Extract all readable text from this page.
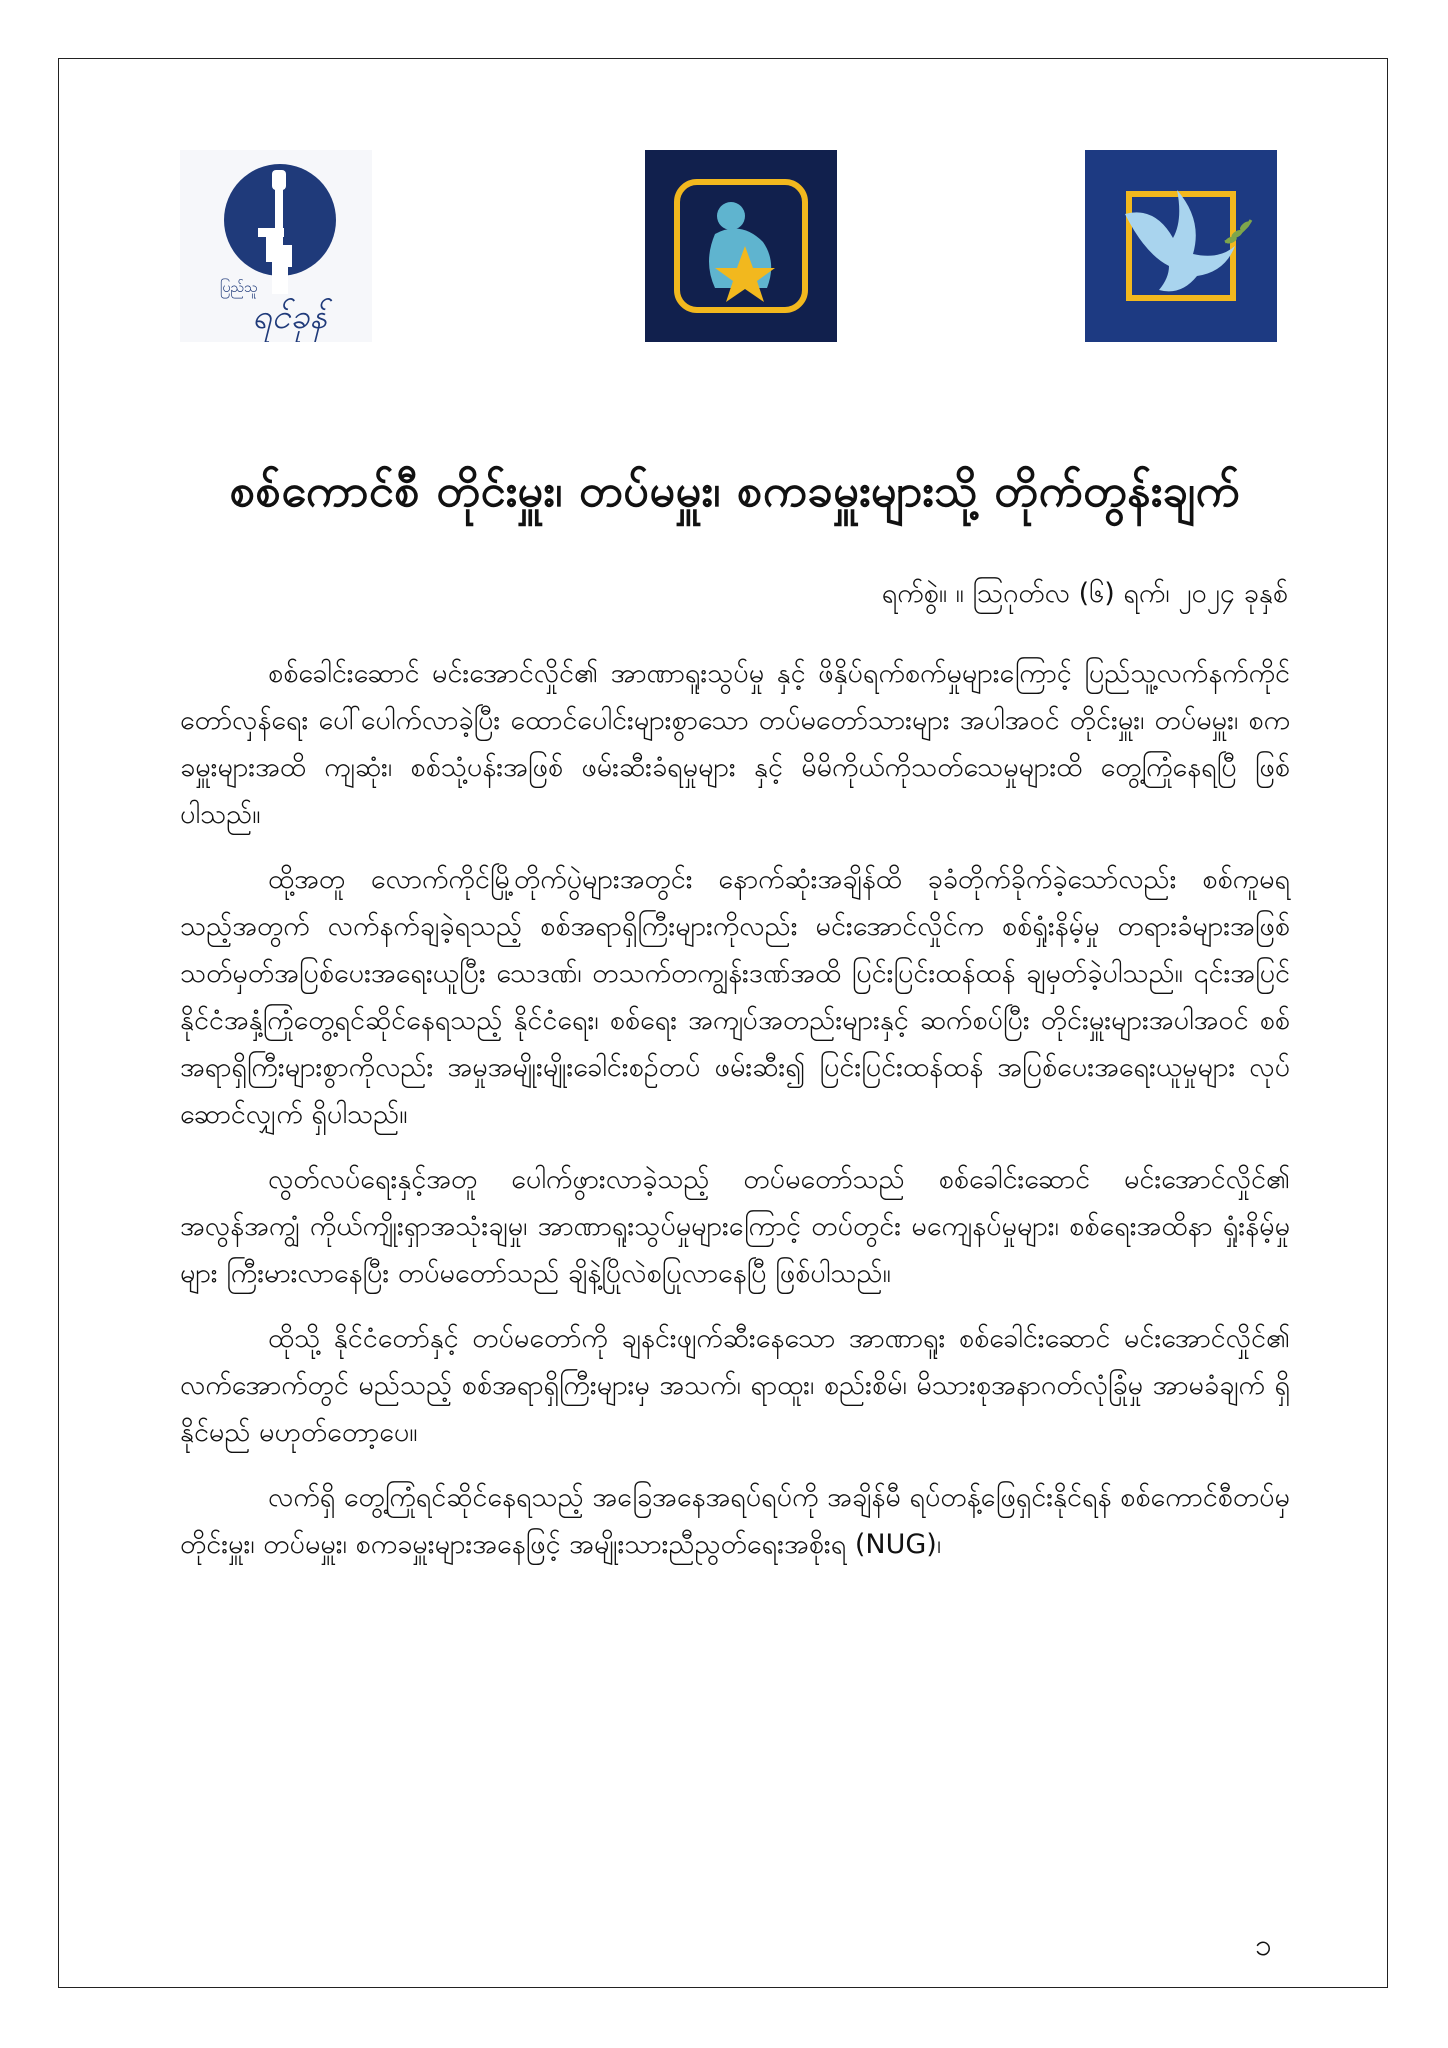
ပြည်သူ
ရင်ခုန်
စစ်ကောင်စီ တိုင်းမှူး၊ တပ်မမှူး၊ စကခမှူးများသို့ တိုက်တွန်းချက်
ရက်စွဲ။ ။ ဩဂုတ်လ (၆) ရက်၊ ၂၀၂၄ ခုနှစ်

စစ်ခေါင်းဆောင် မင်းအောင်လှိုင်၏ အာဏာရူးသွပ်မှု နှင့် ဖိနှိပ်ရက်စက်မှုများကြောင့် ပြည်သူ့လက်နက်ကိုင်တော်လှန်ရေး ပေါ်ပေါက်လာခဲ့ပြီး ထောင်ပေါင်းများစွာသော တပ်မတော်သားများ အပါအဝင် တိုင်းမှူး၊ တပ်မမှူး၊ စကခမှူးများအထိ ကျဆုံး၊ စစ်သုံ့ပန်းအဖြစ် ဖမ်းဆီးခံရမှုများ နှင့် မိမိကိုယ်ကိုသတ်သေမှုများထိ တွေ့ကြုံနေရပြီ ဖြစ်ပါသည်။

ထို့အတူ လောက်ကိုင်မြို့တိုက်ပွဲများအတွင်း နောက်ဆုံးအချိန်ထိ ခုခံတိုက်ခိုက်ခဲ့သော်လည်း စစ်ကူမရသည့်အတွက် လက်နက်ချခဲ့ရသည့် စစ်အရာရှိကြီးများကိုလည်း မင်းအောင်လှိုင်က စစ်ရှုံးနိမ့်မှု တရားခံများအဖြစ် သတ်မှတ်အပြစ်ပေးအရေးယူပြီး သေဒဏ်၊ တသက်တကျွန်းဒဏ်အထိ ပြင်းပြင်းထန်ထန် ချမှတ်ခဲ့ပါသည်။ ၎င်းအပြင် နိုင်ငံအနှံ့ကြုံတွေ့ရင်ဆိုင်နေရသည့် နိုင်ငံရေး၊ စစ်ရေး အကျပ်အတည်းများနှင့် ဆက်စပ်ပြီး တိုင်းမှူးများအပါအဝင် စစ်အရာရှိကြီးများစွာကိုလည်း အမှုအမျိုးမျိုးခေါင်းစဉ်တပ် ဖမ်းဆီး၍ ပြင်းပြင်းထန်ထန် အပြစ်ပေးအရေးယူမှုများ လုပ်ဆောင်လျှက် ရှိပါသည်။

လွတ်လပ်ရေးနှင့်အတူ ပေါက်ဖွားလာခဲ့သည့် တပ်မတော်သည် စစ်ခေါင်းဆောင် မင်းအောင်လှိုင်၏ အလွန်အကျွံ ကိုယ်ကျိုးရှာအသုံးချမှု၊ အာဏာရူးသွပ်မှုများကြောင့် တပ်တွင်း မကျေနပ်မှုများ၊ စစ်ရေးအထိနာ ရှုံးနိမ့်မှုများ ကြီးမားလာနေပြီး တပ်မတော်သည် ချိနဲ့ပြိုလဲစပြုလာနေပြီ ဖြစ်ပါသည်။

ထိုသို့ နိုင်ငံတော်နှင့် တပ်မတော်ကို ချနင်းဖျက်ဆီးနေသော အာဏာရူး စစ်ခေါင်းဆောင် မင်းအောင်လှိုင်၏ လက်အောက်တွင် မည်သည့် စစ်အရာရှိကြီးများမှ အသက်၊ ရာထူး၊ စည်းစိမ်၊ မိသားစုအနာဂတ်လုံခြုံမှု အာမခံချက် ရှိနိုင်မည် မဟုတ်တော့ပေ။

လက်ရှိ တွေ့ကြုံရင်ဆိုင်နေရသည့် အခြေအနေအရပ်ရပ်ကို အချိန်မီ ရပ်တန့်ဖြေရှင်းနိုင်ရန် စစ်ကောင်စီတပ်မှ တိုင်းမှူး၊ တပ်မမှူး၊ စကခမှူးများအနေဖြင့် အမျိုးသားညီညွတ်ရေးအစိုးရ (NUG)၊

၁
